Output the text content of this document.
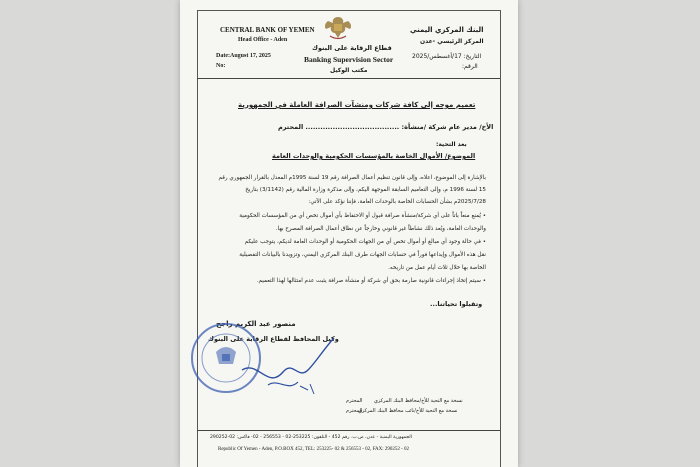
CENTRAL BANK OF YEMEN
Head Office - Aden
Date:August 17, 2025
No:
قطاع الرقابة على البنوك
Banking Supervision Sector
مكتب الوكيل
البنك المركزي اليمني
المركز الرئيسي -عدن
التاريخ: 17/أغسطس/2025
الرقم:
تعميم موجه إلى كافة شركات ومنشآت الصرافة العاملة في الجمهورية
الأخ/ مدير عام شركة /منشأة: ...................................... المحترم
بعد التحية:
الموضوع/ الأموال الخاصة بالمؤسسات الحكومية والوحدات العامة
بالإشارة إلى الموضوع، اعلاه، وإلى قانون تنظيم أعمال الصرافة رقم 19 لسنة 1995م المعدل بالقرار الجمهوري رقم
15 لسنة 1996 م، وإلى التعاميم السابقة الموجهة اليكم، وإلى مذكرة وزارة المالية رقم (3/1142) بتاريخ
2025/7/28م بشأن الحسابات الخاصة بالوحدات العامة، فإننا نؤكد على الآتي:
• يُمنع منعاً باتاً على أي شركة/منشأة صرافة قبول أو الاحتفاظ بأي أموال تخص أي من المؤسسات الحكومية
والوحدات العامة، ويُعد ذلك نشاطاً غير قانوني وخارجاً عن نطاق أعمال الصرافة المصرح بها.
• في حالة وجود أي مبالغ أو أموال تخص أي من الجهات الحكومية أو الوحدات العامة لديكم، يتوجب عليكم
نقل هذه الأموال وإيداعها فوراً في حسابات الجهات طرف البنك المركزي اليمني، وتزويدنا بالبيانات التفصيلية
الخاصة بها خلال ثلاث أيام عمل من تاريخه.
• سيتم إتخاذ إجراءات قانونية صارمة بحق أي شركة أو منشأة صرافة يثبت عدم امتثالها لهذا التعميم.
وتقبلوا تحياتنا...
منصور عبد الكريم راجح
وكيل المحافظ لقطاع الرقابة على البنوك
نسخة مع التحية للأخ/محافظ البنك المركزي
نسخة مع التحية للأخ/نائب محافظ البنك المركزي
المحترم
المحترم
الجمهورية اليمنية - عدن، ص.ب. رقم 452 - التلفون: 253225-02 - 256553 - 02- فاكس: 02-290252
Republic Of Yemen - Aden, P.O.BOX 452, TEL: 253225- 02 & 256553 - 02, FAX: 290252 - 02
